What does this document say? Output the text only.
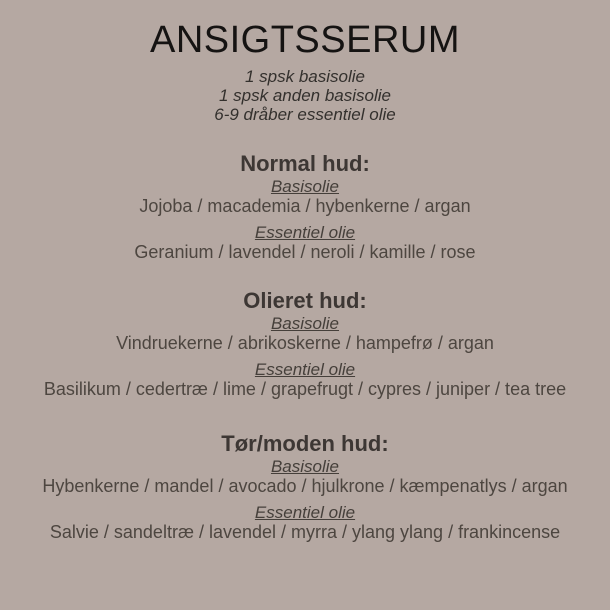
ANSIGTSSERUM
1 spsk basisolie
1 spsk anden basisolie
6-9 dråber essentiel olie
Normal hud:
Basisolie
Jojoba / macademia / hybenkerne / argan
Essentiel olie
Geranium / lavendel / neroli / kamille / rose
Olieret hud:
Basisolie
Vindruekerne / abrikoskerne / hampefrø / argan
Essentiel olie
Basilikum / cedertræ / lime / grapefrugt / cypres / juniper / tea tree
Tør/moden hud:
Basisolie
Hybenkerne / mandel / avocado / hjulkrone / kæmpenatlys / argan
Essentiel olie
Salvie / sandeltræ / lavendel / myrra / ylang ylang / frankincense
